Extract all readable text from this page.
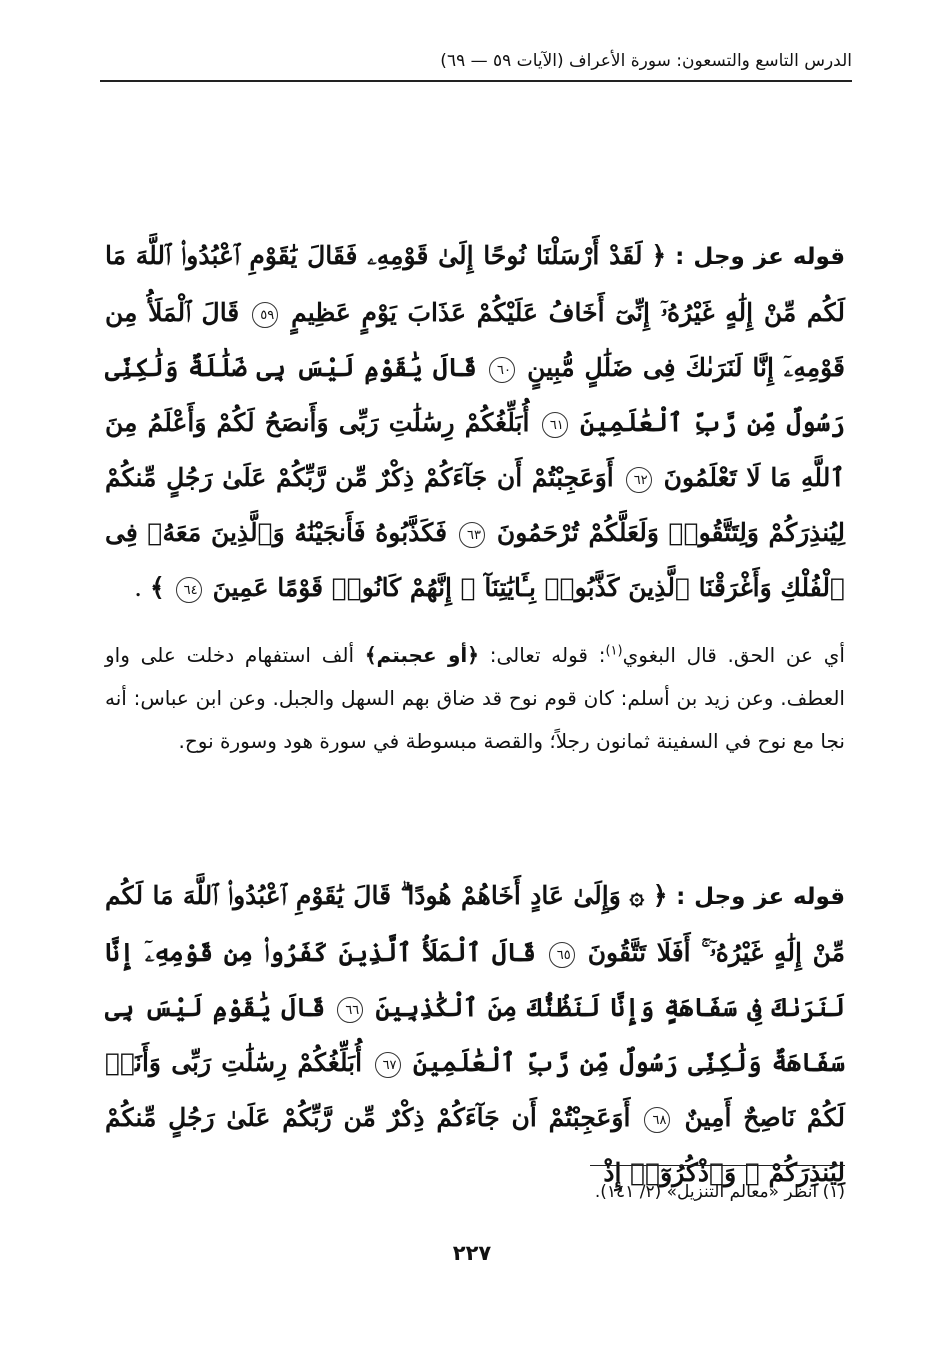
الدرس التاسع والتسعون: سورة الأعراف (الآيات ٥٩ — ٦٩)
قوله عز وجل : ﴿ لَقَدْ أَرْسَلْنَا نُوحًا إِلَىٰ قَوْمِهِۦ فَقَالَ يَٰقَوْمِ ٱعْبُدُوا۟ ٱللَّهَ مَا لَكُم مِّنْ إِلَٰهٍ غَيْرُهُۥٓ إِنِّىٓ أَخَافُ عَلَيْكُمْ عَذَابَ يَوْمٍ عَظِيمٍ ٥٩ قَالَ ٱلْمَلَأُ مِن قَوْمِهِۦٓ إِنَّا لَنَرَىٰكَ فِى ضَلَٰلٍ مُّبِينٍ ٦٠ قَالَ يَٰقَوْمِ لَيْسَ بِى ضَلَٰلَةٌ وَلَٰكِنِّى رَسُولٌ مِّن رَّبِّ ٱلْعَٰلَمِينَ ٦١ أُبَلِّغُكُمْ رِسَٰلَٰتِ رَبِّى وَأَنصَحُ لَكُمْ وَأَعْلَمُ مِنَ ٱللَّهِ مَا لَا تَعْلَمُونَ ٦٢ أَوَعَجِبْتُمْ أَن جَآءَكُمْ ذِكْرٌ مِّن رَّبِّكُمْ عَلَىٰ رَجُلٍ مِّنكُمْ لِيُنذِرَكُمْ وَلِتَتَّقُوا۟ وَلَعَلَّكُمْ تُرْحَمُونَ ٦٣ فَكَذَّبُوهُ فَأَنجَيْنَٰهُ وَٱلَّذِينَ مَعَهُۥ فِى ٱلْفُلْكِ وَأَغْرَقْنَا ٱلَّذِينَ كَذَّبُوا۟ بِـَٔايَٰتِنَآ ۚ إِنَّهُمْ كَانُوا۟ قَوْمًا عَمِينَ ٦٤ ﴾ .
أي عن الحق. قال البغوي$^{(١)}$: قوله تعالى: ﴿أو عجبتم﴾ ألف استفهام دخلت على واو العطف. وعن زيد بن أسلم: كان قوم نوح قد ضاق بهم السهل والجبل. وعن ابن عباس: أنه نجا مع نوح في السفينة ثمانون رجلاً؛ والقصة مبسوطة في سورة هود وسورة نوح.
قوله عز وجل : ﴿ ۞ وَإِلَىٰ عَادٍ أَخَاهُمْ هُودًا ۗ قَالَ يَٰقَوْمِ ٱعْبُدُوا۟ ٱللَّهَ مَا لَكُم مِّنْ إِلَٰهٍ غَيْرُهُۥٓ ۚ أَفَلَا تَتَّقُونَ ٦٥ قَالَ ٱلْمَلَأُ ٱلَّذِينَ كَفَرُوا۟ مِن قَوْمِهِۦٓ إِنَّا لَنَرَىٰكَ فِى سَفَاهَةٍ وَإِنَّا لَنَظُنُّكَ مِنَ ٱلْكَٰذِبِينَ ٦٦ قَالَ يَٰقَوْمِ لَيْسَ بِى سَفَاهَةٌ وَلَٰكِنِّى رَسُولٌ مِّن رَّبِّ ٱلْعَٰلَمِينَ ٦٧ أُبَلِّغُكُمْ رِسَٰلَٰتِ رَبِّى وَأَنَا۠ لَكُمْ نَاصِحٌ أَمِينٌ ٦٨ أَوَعَجِبْتُمْ أَن جَآءَكُمْ ذِكْرٌ مِّن رَّبِّكُمْ عَلَىٰ رَجُلٍ مِّنكُمْ لِيُنذِرَكُمْ ۚ وَٱذْكُرُوٓا۟ إِذْ
(١) انظر «معالم التنزيل» (٢/ ١٤١).
٢٢٧
